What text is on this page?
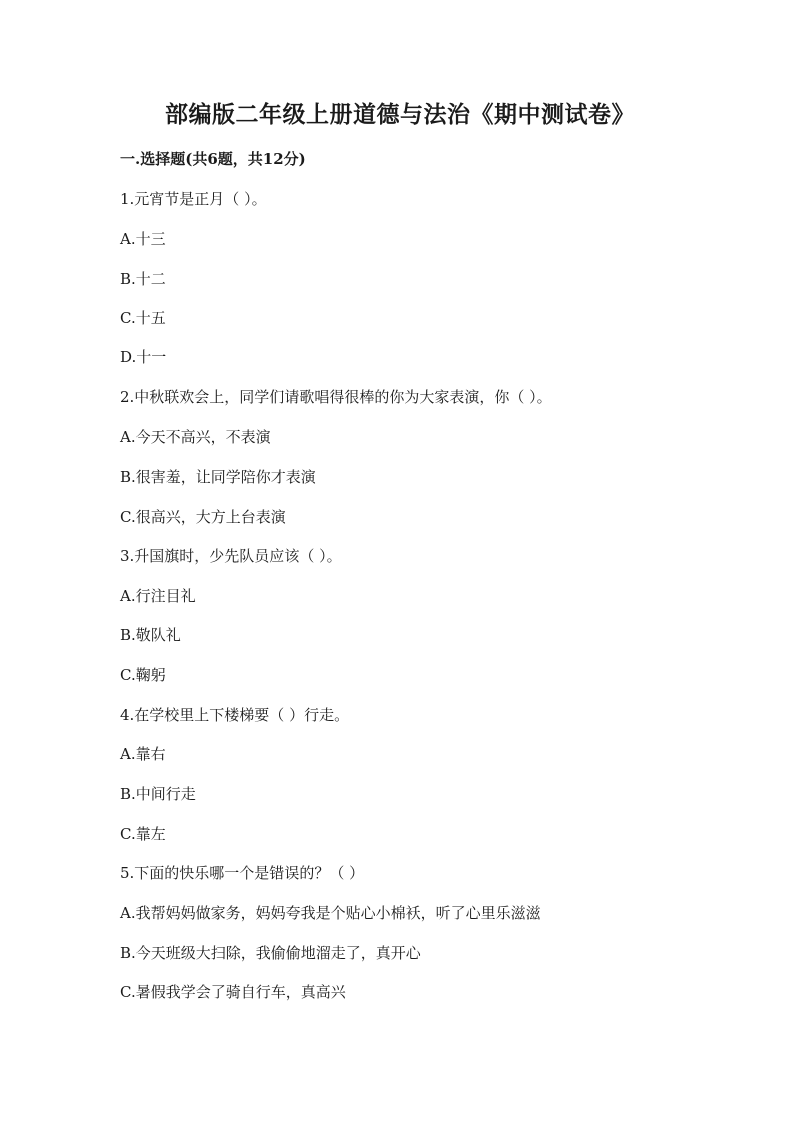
部编版二年级上册道德与法治《期中测试卷》
一.选择题(共6题，共12分)
1.元宵节是正月（ ）。
A.十三
B.十二
C.十五
D.十一
2.中秋联欢会上，同学们请歌唱得很棒的你为大家表演，你（ ）。
A.今天不高兴，不表演
B.很害羞，让同学陪你才表演
C.很高兴，大方上台表演
3.升国旗时，少先队员应该（ ）。
A.行注目礼
B.敬队礼
C.鞠躬
4.在学校里上下楼梯要（ ）行走。
A.靠右
B.中间行走
C.靠左
5.下面的快乐哪一个是错误的？（ ）
A.我帮妈妈做家务，妈妈夸我是个贴心小棉袄，听了心里乐滋滋
B.今天班级大扫除，我偷偷地溜走了，真开心
C.暑假我学会了骑自行车，真高兴
